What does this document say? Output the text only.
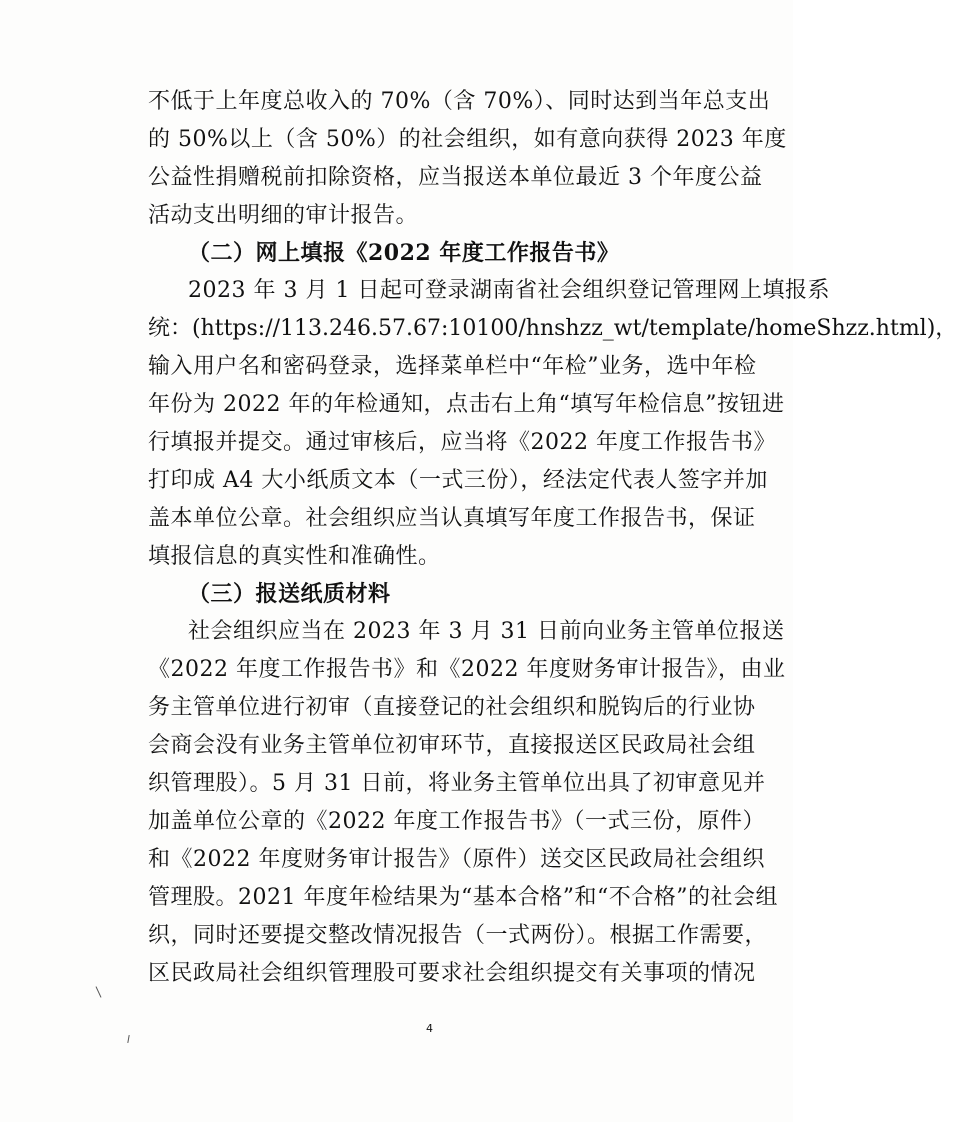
不低于上年度总收入的 70%（含 70%）、同时达到当年总支出
的 50%以上（含 50%）的社会组织，如有意向获得 2023 年度
公益性捐赠税前扣除资格，应当报送本单位最近 3 个年度公益
活动支出明细的审计报告。
（二）网上填报《2022 年度工作报告书》
2023 年 3 月 1 日起可登录湖南省社会组织登记管理网上填报系
统：(https://113.246.57.67:10100/hnshzz_wt/template/homeShzz.html)，
输入用户名和密码登录，选择菜单栏中“年检”业务，选中年检
年份为 2022 年的年检通知，点击右上角“填写年检信息”按钮进
行填报并提交。通过审核后，应当将《2022 年度工作报告书》
打印成 A4 大小纸质文本（一式三份），经法定代表人签字并加
盖本单位公章。社会组织应当认真填写年度工作报告书，保证
填报信息的真实性和准确性。
（三）报送纸质材料
社会组织应当在 2023 年 3 月 31 日前向业务主管单位报送
《2022 年度工作报告书》和《2022 年度财务审计报告》，由业
务主管单位进行初审（直接登记的社会组织和脱钩后的行业协
会商会没有业务主管单位初审环节，直接报送区民政局社会组
织管理股）。5 月 31 日前，将业务主管单位出具了初审意见并
加盖单位公章的《2022 年度工作报告书》（一式三份，原件）
和《2022 年度财务审计报告》（原件）送交区民政局社会组织
管理股。2021 年度年检结果为“基本合格”和“不合格”的社会组
织，同时还要提交整改情况报告（一式两份）。根据工作需要，
区民政局社会组织管理股可要求社会组织提交有关事项的情况
4
